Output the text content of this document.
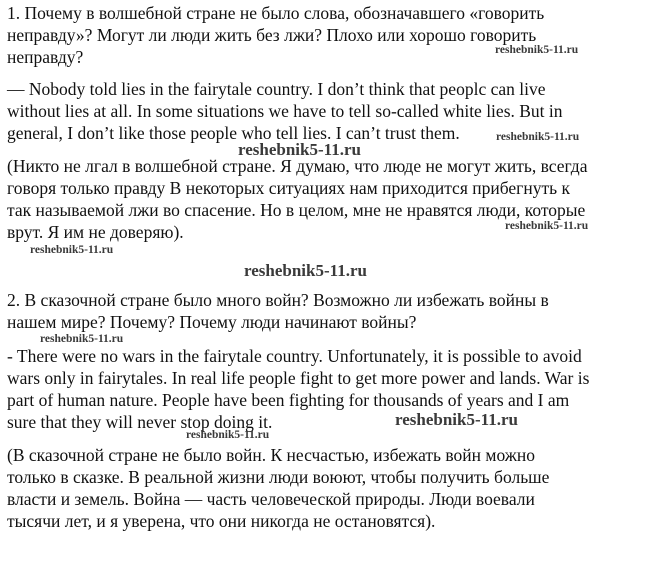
1. Почему в волшебной стране не было слова, обозначавшего «говорить
неправду»? Могут ли люди жить без лжи? Плохо или хорошо говорить
неправду?
— Nobody told lies in the fairytale country. I don’t think that peoplc can live
without lies at all. In some situations we have to tell so-called white lies. But in
general, I don’t like those people who tell lies. I can’t trust them.
(Никто не лгал в волшебной стране. Я думаю, что люде не могут жить, всегда
говоря только правду В некоторых ситуациях нам приходится прибегнуть к
так называемой лжи во спасение. Но в целом, мне не нравятся люди, которые
врут. Я им не доверяю).
2. В сказочной стране было много войн? Возможно ли избежать войны в
нашем мире? Почему? Почему люди начинают войны?
- There were no wars in the fairytale country. Unfortunately, it is possible to avoid
wars only in fairytales. In real life people fight to get more power and lands. War is
part of human nature. People have been fighting for thousands of years and I am
sure that they will never stop doing it.
(В сказочной стране не было войн. К несчастью, избежать войн можно
только в сказке. В реальной жизни люди воюют, чтобы получить больше
власти и земель. Война — часть человеческой природы. Люди воевали
тысячи лет, и я уверена, что они никогда не остановятся).
reshebnik5-11.ru
reshebnik5-11.ru
reshebnik5-11.ru
reshebnik5-11.ru
reshebnik5-11.ru
reshebnik5-11.ru
reshebnik5-11.ru
reshebnik5-11.ru
reshebnik5-11.ru
